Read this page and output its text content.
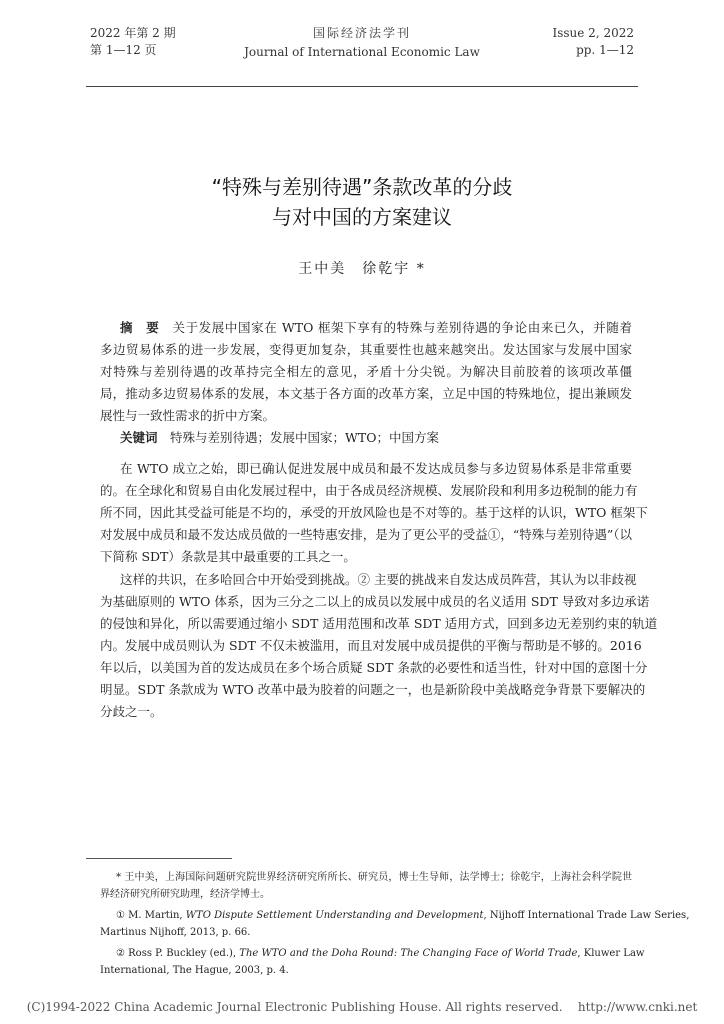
2022 年第 2 期
第 1—12 页
国际经济法学刊
Journal of International Economic Law
Issue 2, 2022
pp. 1—12
“特殊与差别待遇”条款改革的分歧
与对中国的方案建议
王中美　徐乾宇 *
摘　要　 关于发展中国家在 WTO 框架下享有的特殊与差别待遇的争论由来已久，并随着
多边贸易体系的进一步发展，变得更加复杂，其重要性也越来越突出。发达国家与发展中国家
对特殊与差别待遇的改革持完全相左的意见，矛盾十分尖锐。为解决目前胶着的该项改革僵
局，推动多边贸易体系的发展，本文基于各方面的改革方案，立足中国的特殊地位，提出兼顾发
展性与一致性需求的折中方案。
关键词　 特殊与差别待遇；发展中国家；WTO；中国方案
在 WTO 成立之始，即已确认促进发展中成员和最不发达成员参与多边贸易体系是非常重要
的。在全球化和贸易自由化发展过程中，由于各成员经济规模、发展阶段和利用多边税制的能力有
所不同，因此其受益可能是不均的，承受的开放风险也是不对等的。基于这样的认识，WTO 框架下
对发展中成员和最不发达成员做的一些特惠安排，是为了更公平的受益①，“特殊与差别待遇”（以
下简称 SDT）条款是其中最重要的工具之一。
这样的共识，在多哈回合中开始受到挑战。② 主要的挑战来自发达成员阵营，其认为以非歧视
为基础原则的 WTO 体系，因为三分之二以上的成员以发展中成员的名义适用 SDT 导致对多边承诺
的侵蚀和异化，所以需要通过缩小 SDT 适用范围和改革 SDT 适用方式，回到多边无差别约束的轨道
内。发展中成员则认为 SDT 不仅未被滥用，而且对发展中成员提供的平衡与帮助是不够的。2016
年以后，以美国为首的发达成员在多个场合质疑 SDT 条款的必要性和适当性，针对中国的意图十分
明显。SDT 条款成为 WTO 改革中最为胶着的问题之一，也是新阶段中美战略竞争背景下要解决的
分歧之一。
* 王中美，上海国际问题研究院世界经济研究所所长、研究员，博士生导师，法学博士；徐乾宇，上海社会科学院世
界经济研究所研究助理，经济学博士。
① M. Martin, WTO Dispute Settlement Understanding and Development, Nijhoff International Trade Law Series,
Martinus Nijhoff, 2013, p. 66.
② Ross P. Buckley (ed.), The WTO and the Doha Round: The Changing Face of World Trade, Kluwer Law
International, The Hague, 2003, p. 4.
(C)1994-2022 China Academic Journal Electronic Publishing House. All rights reserved.    http://www.cnki.net
